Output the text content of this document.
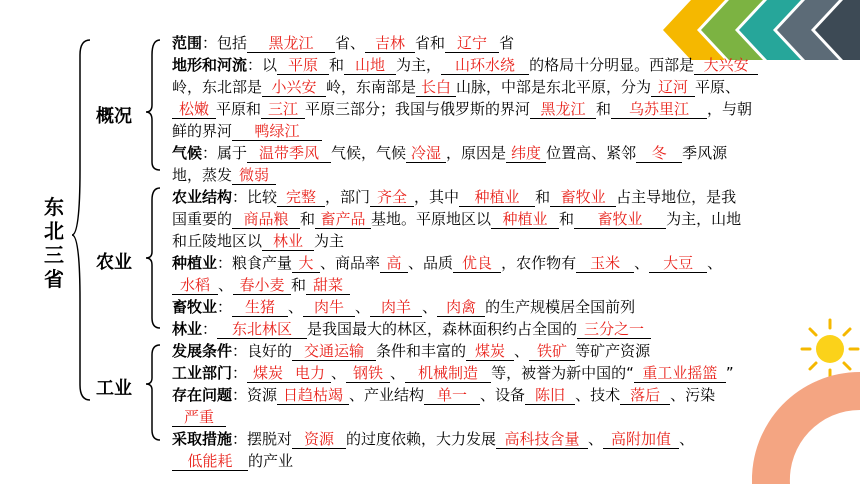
东
北
三
省
概况
农业
工业
范围：包括	黑龙江	省、 吉林 省和 辽宁 省
地形和河流：以 平原 和 山地 为主， 山环水绕 的格局十分明显。西部是 大兴安
岭，东北部是 小兴安 岭，东南部是 长白 山脉，中部是东北平原，分为 辽河 平原、
松嫩 平原和 三江 平原三部分；我国与俄罗斯的界河 黑龙江 和	乌苏里江	，与朝
鲜的界河	鸭绿江
气候：属于 温带季风 气候，气候 冷湿 ，原因是 纬度 位置高、紧邻	冬	季风源
地，蒸发 微弱
农业结构：比较 完整 ，部门 齐全 ，其中	种植业	和 畜牧业 占主导地位，是我
国重要的 商品粮 和 畜产品 基地。平原地区以 种植业 和	畜牧业	为主，山地
和丘陵地区以 林业 为主
种植业：粮食产量 大 、商品率 高 、品质 优良 ，农作物有 玉米 、 大豆 、
水稻 、 春小麦 和 甜菜
畜牧业： 生猪 、 肉牛 、 肉羊 、 肉禽 的生产规模居全国前列
林业： 东北林区	是我国最大的林区，森林面积约占全国的 三分之一
发展条件：良好的 交通运输 条件和丰富的 煤炭 、 铁矿 等矿产资源
工业部门： 煤炭 电力 、 钢铁 、 机械制造 等，被誉为新中国的“ 重工业摇篮 ”
存在问题：资源 日趋枯竭 、产业结构 单一 、设备 陈旧 、技术 落后 、污染
严重
采取措施：摆脱对 资源 的过度依赖，大力发展 高科技含量 、 高附加值 、
低能耗	的产业
